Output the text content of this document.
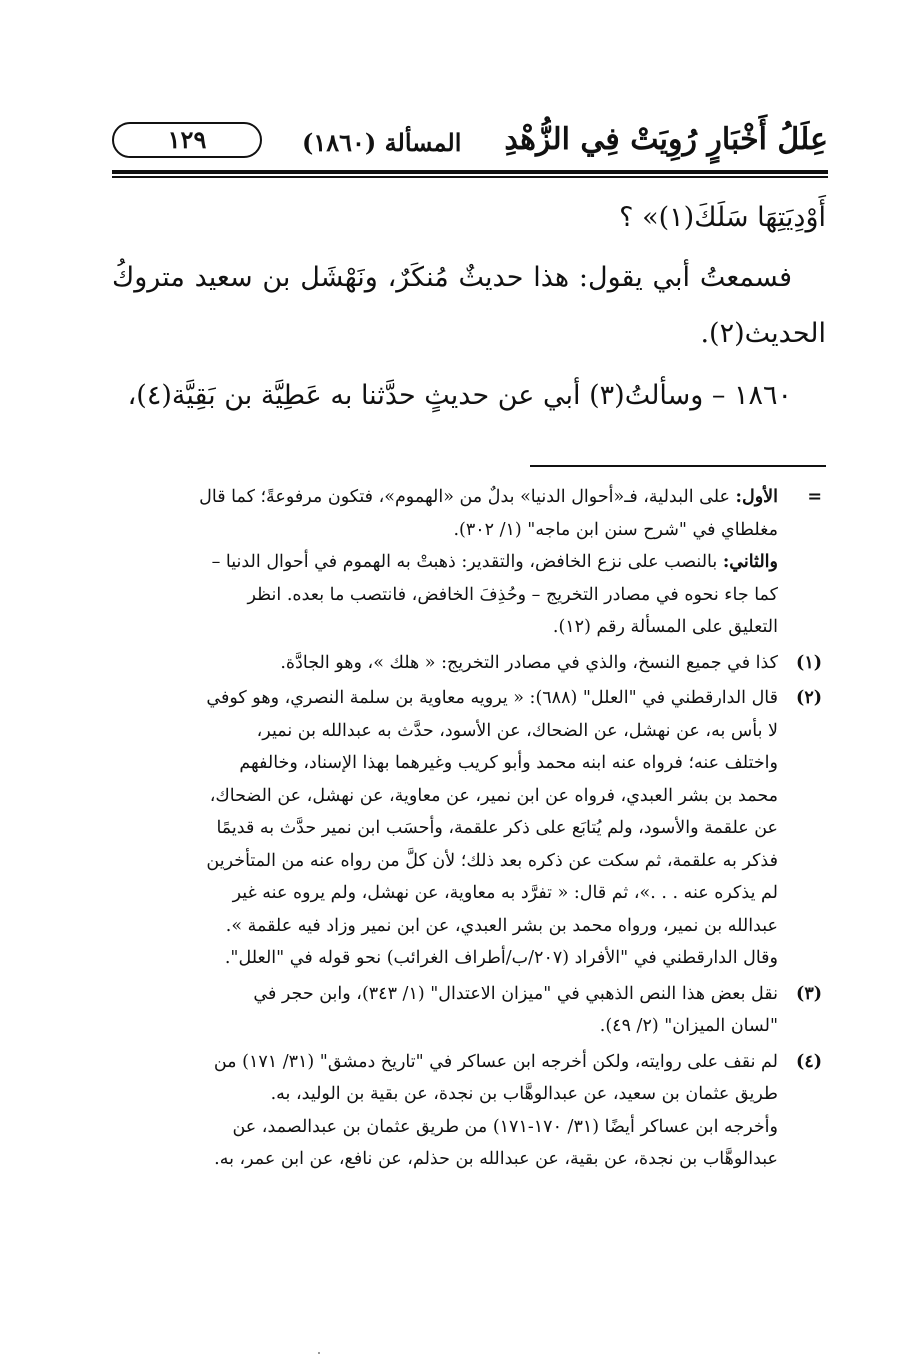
عِلَلُ أَخْبَارٍ رُوِيَتْ فِي الزُّهْدِ
المسألة (١٨٦٠)
١٢٩

أَوْدِيَتِهَا سَلَكَ(١)» ؟

فسمعتُ أبي يقول: هذا حديثٌ مُنكَرٌ، ونَهْشَل بن سعيد متروكُ الحديث(٢).

١٨٦٠ – وسألتُ(٣) أبي عن حديثٍ حدَّثنا به عَطِيَّة بن بَقِيَّة(٤)،

=
الأول: على البدلية، فـ«أحوال الدنيا» بدلٌ من «الهموم»، فتكون مرفوعةً؛ كما قال
مغلطاي في "شرح سنن ابن ماجه" (١/ ٣٠٢).
والثاني: بالنصب على نزع الخافض، والتقدير: ذهبتْ به الهموم في أحوال الدنيا –
كما جاء نحوه في مصادر التخريج – وحُذِفَ الخافض، فانتصب ما بعده. انظر
التعليق على المسألة رقم (١٢).
(١)
كذا في جميع النسخ، والذي في مصادر التخريج: « هلك »، وهو الجادَّة.
(٢)
قال الدارقطني في "العلل" (٦٨٨): « يرويه معاوية بن سلمة النصري، وهو كوفي
لا بأس به، عن نهشل، عن الضحاك، عن الأسود، حدَّث به عبدالله بن نمير،
واختلف عنه؛ فرواه عنه ابنه محمد وأبو كريب وغيرهما بهذا الإسناد، وخالفهم
محمد بن بشر العبدي، فرواه عن ابن نمير، عن معاوية، عن نهشل، عن الضحاك،
عن علقمة والأسود، ولم يُتابَع على ذكر علقمة، وأحسَب ابن نمير حدَّث به قديمًا
فذكر به علقمة، ثم سكت عن ذكره بعد ذلك؛ لأن كلَّ من رواه عنه من المتأخرين
لم يذكره عنه . . .»، ثم قال: « تفرَّد به معاوية، عن نهشل، ولم يروه عنه غير
عبدالله بن نمير، ورواه محمد بن بشر العبدي، عن ابن نمير وزاد فيه علقمة ».
وقال الدارقطني في "الأفراد (٢٠٧/ب/أطراف الغرائب) نحو قوله في "العلل".
(٣)
نقل بعض هذا النص الذهبي في "ميزان الاعتدال" (١/ ٣٤٣)، وابن حجر في
"لسان الميزان" (٢/ ٤٩).
(٤)
لم نقف على روايته، ولكن أخرجه ابن عساكر في "تاريخ دمشق" (٣١/ ١٧١) من
طريق عثمان بن سعيد، عن عبدالوهَّاب بن نجدة، عن بقية بن الوليد، به.
وأخرجه ابن عساكر أيضًا (٣١/ ١٧٠-١٧١) من طريق عثمان بن عبدالصمد، عن
عبدالوهَّاب بن نجدة، عن بقية، عن عبدالله بن حذلم، عن نافع، عن ابن عمر، به.
